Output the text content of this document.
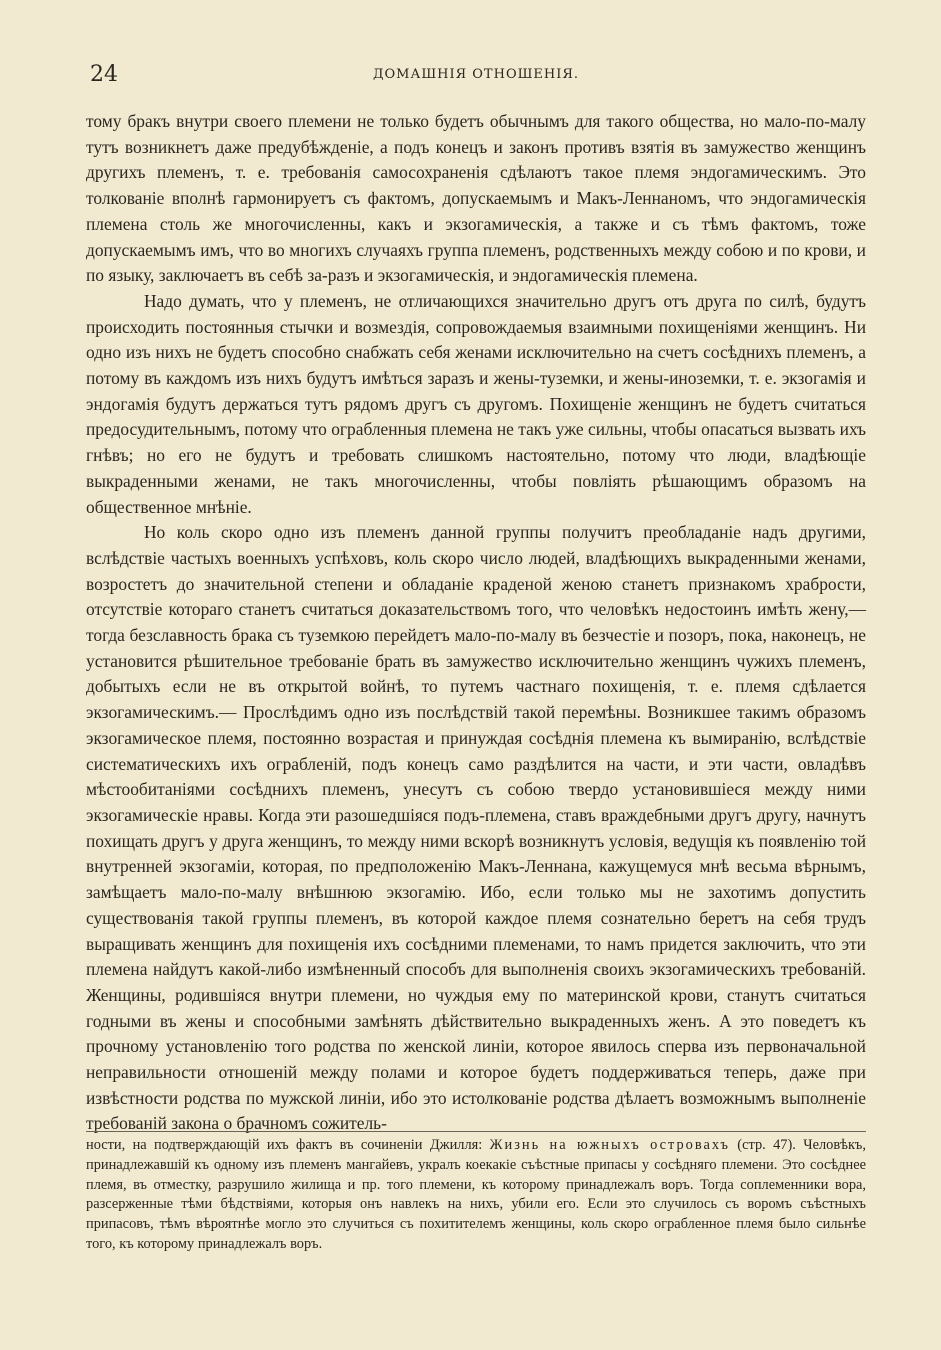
24	ДОМАШНІЯ ОТНОШЕНІЯ.

тому бракъ внутри своего племени не только будетъ обычнымъ для такого общества, но мало-по-малу тутъ возникнетъ даже предубѣжденіе, а подъ конецъ и законъ противъ взятія въ замужество женщинъ другихъ племенъ, т. е. требованія самосохраненія сдѣлаютъ такое племя эндогамическимъ. Это толкованіе вполнѣ гармонируетъ съ фактомъ, допускаемымъ и Макъ-Леннаномъ, что эндогамическія племена столь же многочисленны, какъ и экзогамическія, а также и съ тѣмъ фактомъ, тоже допускаемымъ имъ, что во многихъ случаяхъ группа племенъ, родственныхъ между собою и по крови, и по языку, заключаетъ въ себѣ за-разъ и экзогамическія, и эндогамическія племена.

Надо думать, что у племенъ, не отличающихся значительно другъ отъ друга по силѣ, будутъ происходить постоянныя стычки и возмездія, сопровождаемыя взаимными похищеніями женщинъ. Ни одно изъ нихъ не будетъ способно снабжать себя женами исключительно на счетъ сосѣднихъ племенъ, а потому въ каждомъ изъ нихъ будутъ имѣться заразъ и жены-туземки, и жены-иноземки, т. е. экзогамія и эндогамія будутъ держаться тутъ рядомъ другъ съ другомъ. Похищеніе женщинъ не будетъ считаться предосудительнымъ, потому что ограбленныя племена не такъ уже сильны, чтобы опасаться вызвать ихъ гнѣвъ; но его не будутъ и требовать слишкомъ настоятельно, потому что люди, владѣющіе выкраденными женами, не такъ многочисленны, чтобы повліять рѣшающимъ образомъ на общественное мнѣніе.

Но коль скоро одно изъ племенъ данной группы получитъ преобладаніе надъ другими, вслѣдствіе частыхъ военныхъ успѣховъ, коль скоро число людей, владѣющихъ выкраденными женами, возростетъ до значительной степени и обладаніе краденой женою станетъ признакомъ храбрости, отсутствіе котораго станетъ считаться доказательствомъ того, что человѣкъ недостоинъ имѣть жену,—тогда безславность брака съ туземкою перейдетъ мало-по-малу въ безчестіе и позоръ, пока, наконецъ, не установится рѣшительное требованіе брать въ замужество исключительно женщинъ чужихъ племенъ, добытыхъ если не въ открытой войнѣ, то путемъ частнаго похищенія, т. е. племя сдѣлается экзогамическимъ.— Прослѣдимъ одно изъ послѣдствій такой перемѣны. Возникшее такимъ образомъ экзогамическое племя, постоянно возрастая и принуждая сосѣднія племена къ вымиранію, вслѣдствіе систематическихъ ихъ ограбленій, подъ конецъ само раздѣлится на части, и эти части, овладѣвъ мѣстообитаніями сосѣднихъ племенъ, унесутъ съ собою твердо установившіеся между ними экзогамическіе нравы. Когда эти разошедшіяся подъ-племена, ставъ враждебными другъ другу, начнутъ похищать другъ у друга женщинъ, то между ними вскорѣ возникнутъ условія, ведущія къ появленію той внутренней экзогаміи, которая, по предположенію Макъ-Леннана, кажущемуся мнѣ весьма вѣрнымъ, замѣщаетъ мало-по-малу внѣшнюю экзогамію. Ибо, если только мы не захотимъ допустить существованія такой группы племенъ, въ которой каждое племя сознательно беретъ на себя трудъ выращивать женщинъ для похищенія ихъ сосѣдними племенами, то намъ придется заключить, что эти племена найдутъ какой-либо измѣненный способъ для выполненія своихъ экзогамическихъ требованій. Женщины, родившіяся внутри племени, но чуждыя ему по материнской крови, станутъ считаться годными въ жены и способными замѣнять дѣйствительно выкраденныхъ женъ. А это поведетъ къ прочному установленію того родства по женской линіи, которое явилось сперва изъ первоначальной неправильности отношеній между полами и которое будетъ поддерживаться теперь, даже при извѣстности родства по мужской линіи, ибо это истолкованіе родства дѣлаетъ возможнымъ выполненіе требованій закона о брачномъ сожитель-

ности, на подтверждающій ихъ фактъ въ сочиненіи Джилля: Жизнь на южныхъ островахъ (стр. 47). Человѣкъ, принадлежавшій къ одному изъ племенъ мангайевъ, укралъ коекакіе съѣстные припасы у сосѣдняго племени. Это сосѣднее племя, въ отместку, разрушило жилища и пр. того племени, къ которому принадлежалъ воръ. Тогда соплеменники вора, разсерженные тѣми бѣдствіями, которыя онъ навлекъ на нихъ, убили его. Если это случилось съ воромъ съѣстныхъ припасовъ, тѣмъ вѣроятнѣе могло это случиться съ похитителемъ женщины, коль скоро ограбленное племя было сильнѣе того, къ которому принадлежалъ воръ.
